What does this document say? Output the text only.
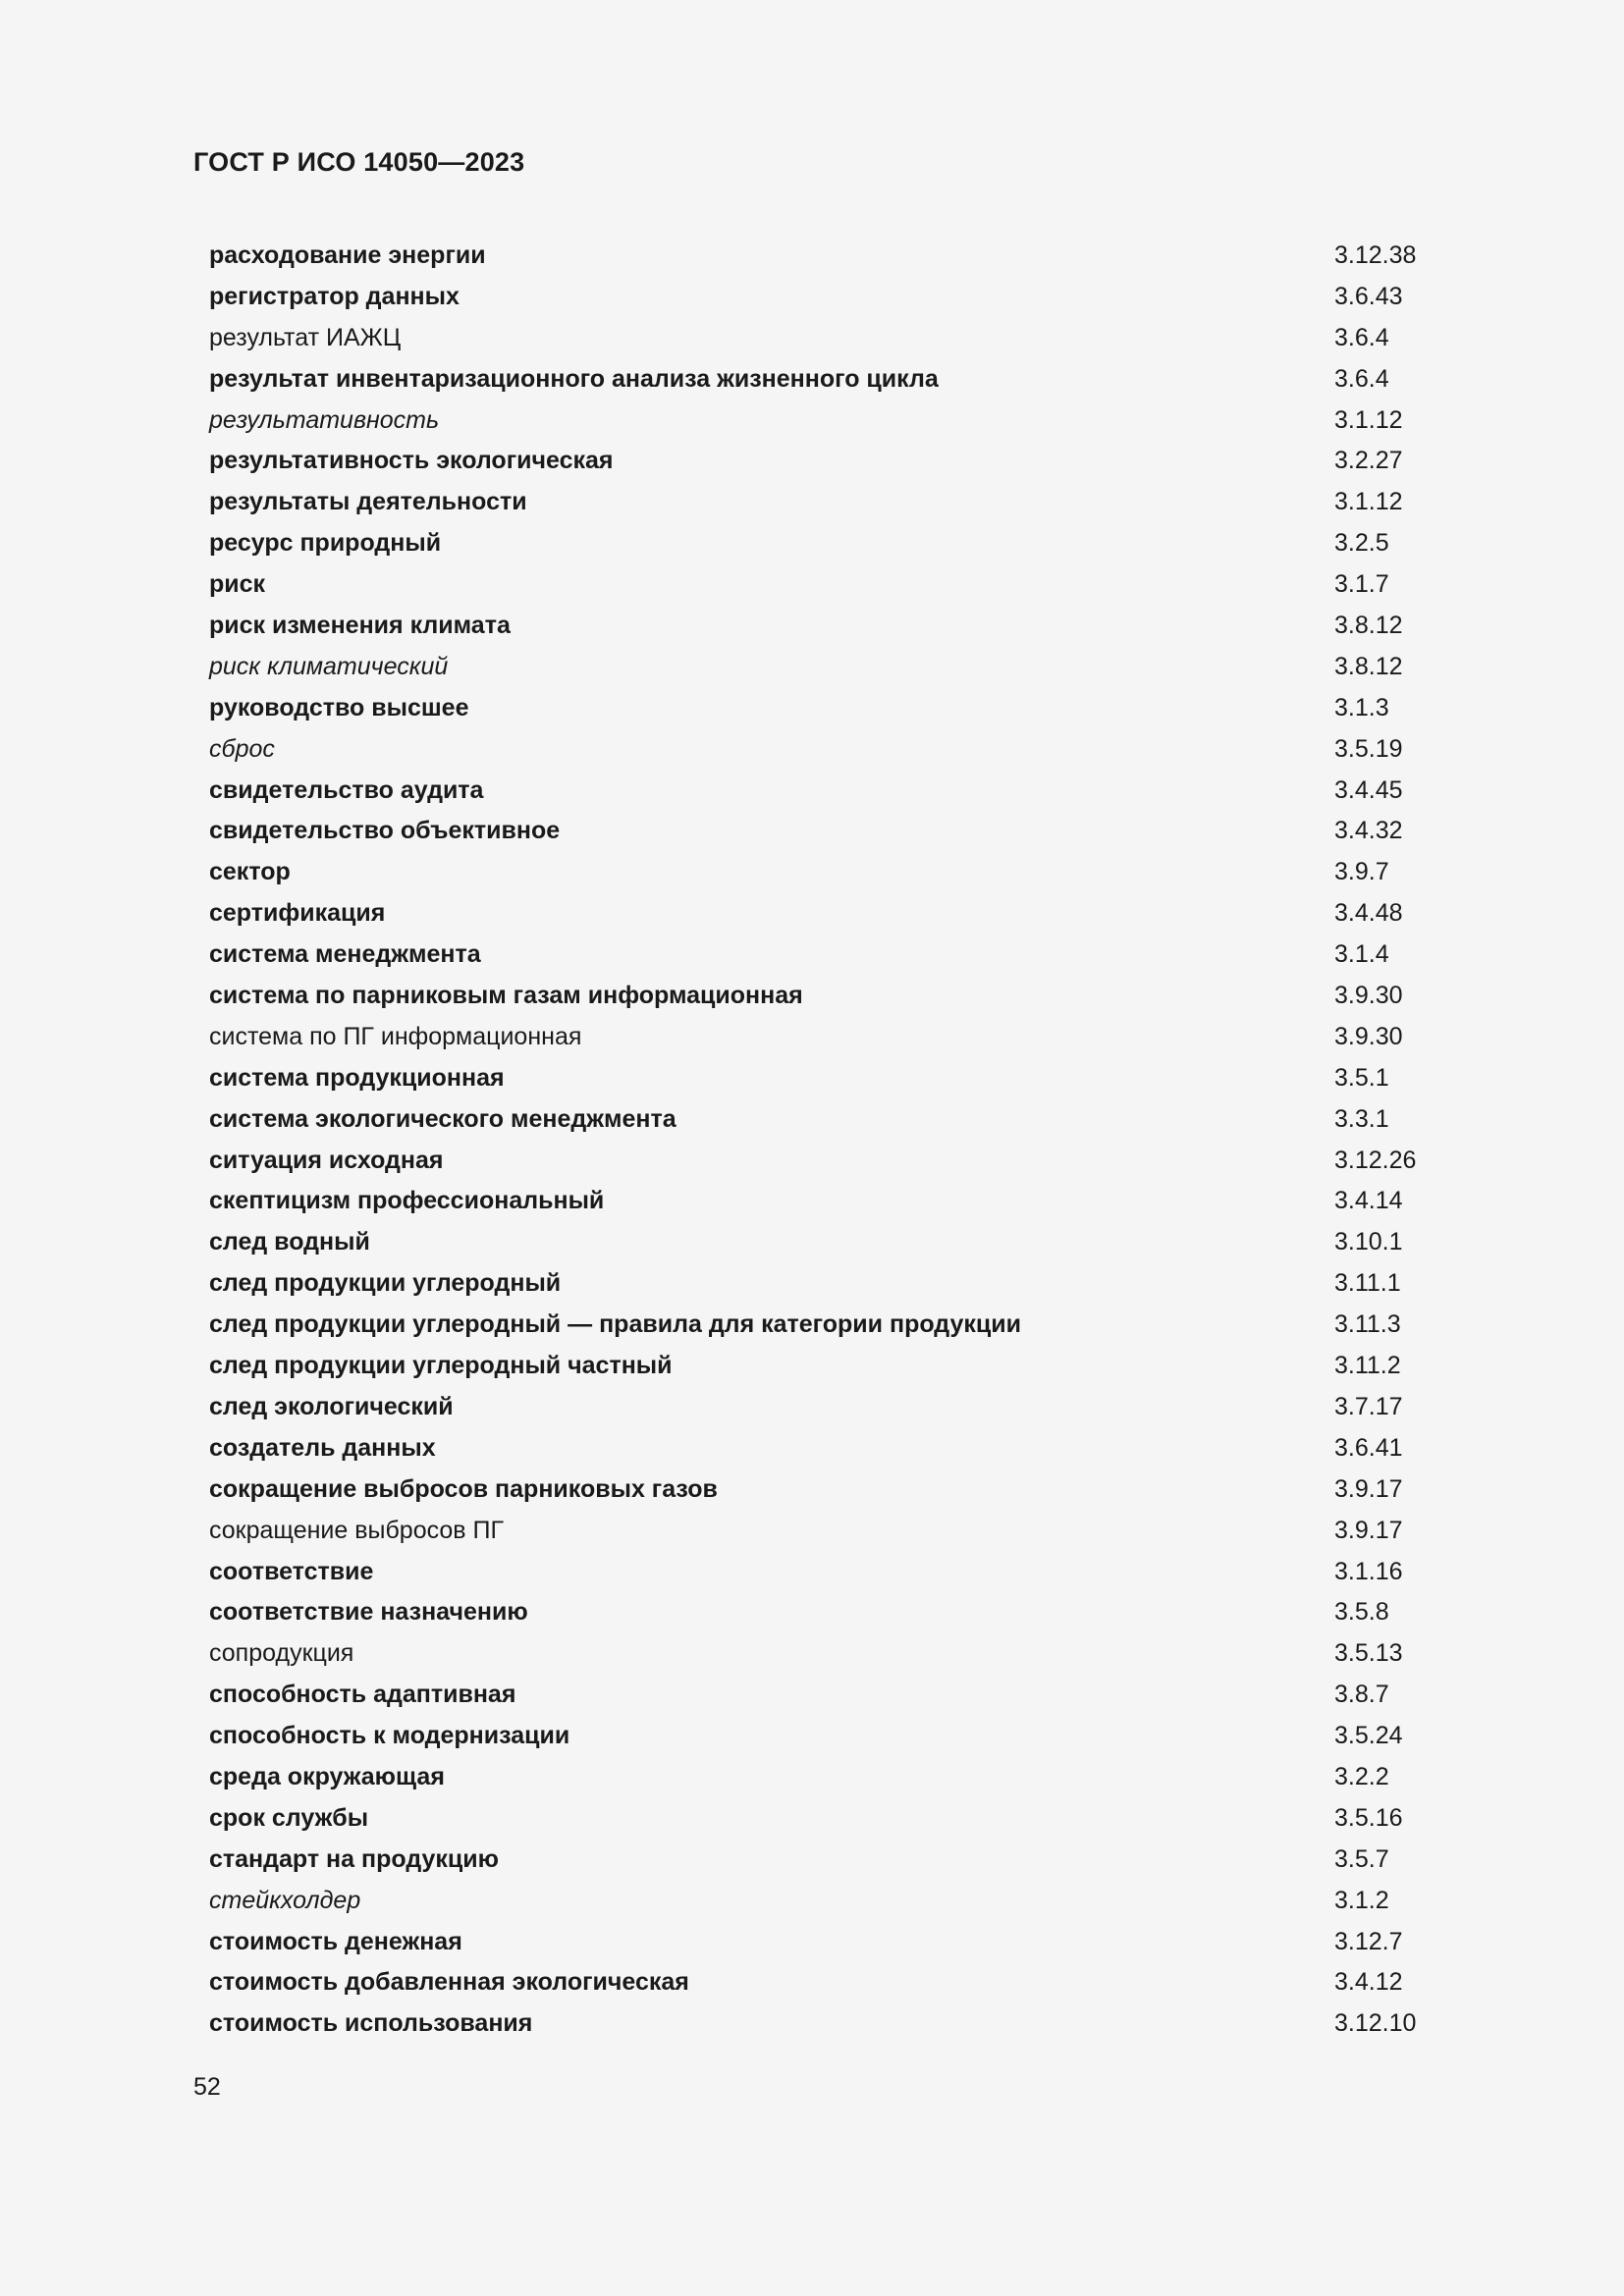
ГОСТ Р ИСО 14050—2023
расходование энергии	3.12.38
регистратор данных	3.6.43
результат ИАЖЦ	3.6.4
результат инвентаризационного анализа жизненного цикла	3.6.4
результативность	3.1.12
результативность экологическая	3.2.27
результаты деятельности	3.1.12
ресурс природный	3.2.5
риск	3.1.7
риск изменения климата	3.8.12
риск климатический	3.8.12
руководство высшее	3.1.3
сброс	3.5.19
свидетельство аудита	3.4.45
свидетельство объективное	3.4.32
сектор	3.9.7
сертификация	3.4.48
система менеджмента	3.1.4
система по парниковым газам информационная	3.9.30
система по ПГ информационная	3.9.30
система продукционная	3.5.1
система экологического менеджмента	3.3.1
ситуация исходная	3.12.26
скептицизм профессиональный	3.4.14
след водный	3.10.1
след продукции углеродный	3.11.1
след продукции углеродный — правила для категории продукции	3.11.3
след продукции углеродный частный	3.11.2
след экологический	3.7.17
создатель данных	3.6.41
сокращение выбросов парниковых газов	3.9.17
сокращение выбросов ПГ	3.9.17
соответствие	3.1.16
соответствие назначению	3.5.8
сопродукция	3.5.13
способность адаптивная	3.8.7
способность к модернизации	3.5.24
среда окружающая	3.2.2
срок службы	3.5.16
стандарт на продукцию	3.5.7
стейкхолдер	3.1.2
стоимость денежная	3.12.7
стоимость добавленная экологическая	3.4.12
стоимость использования	3.12.10

52
